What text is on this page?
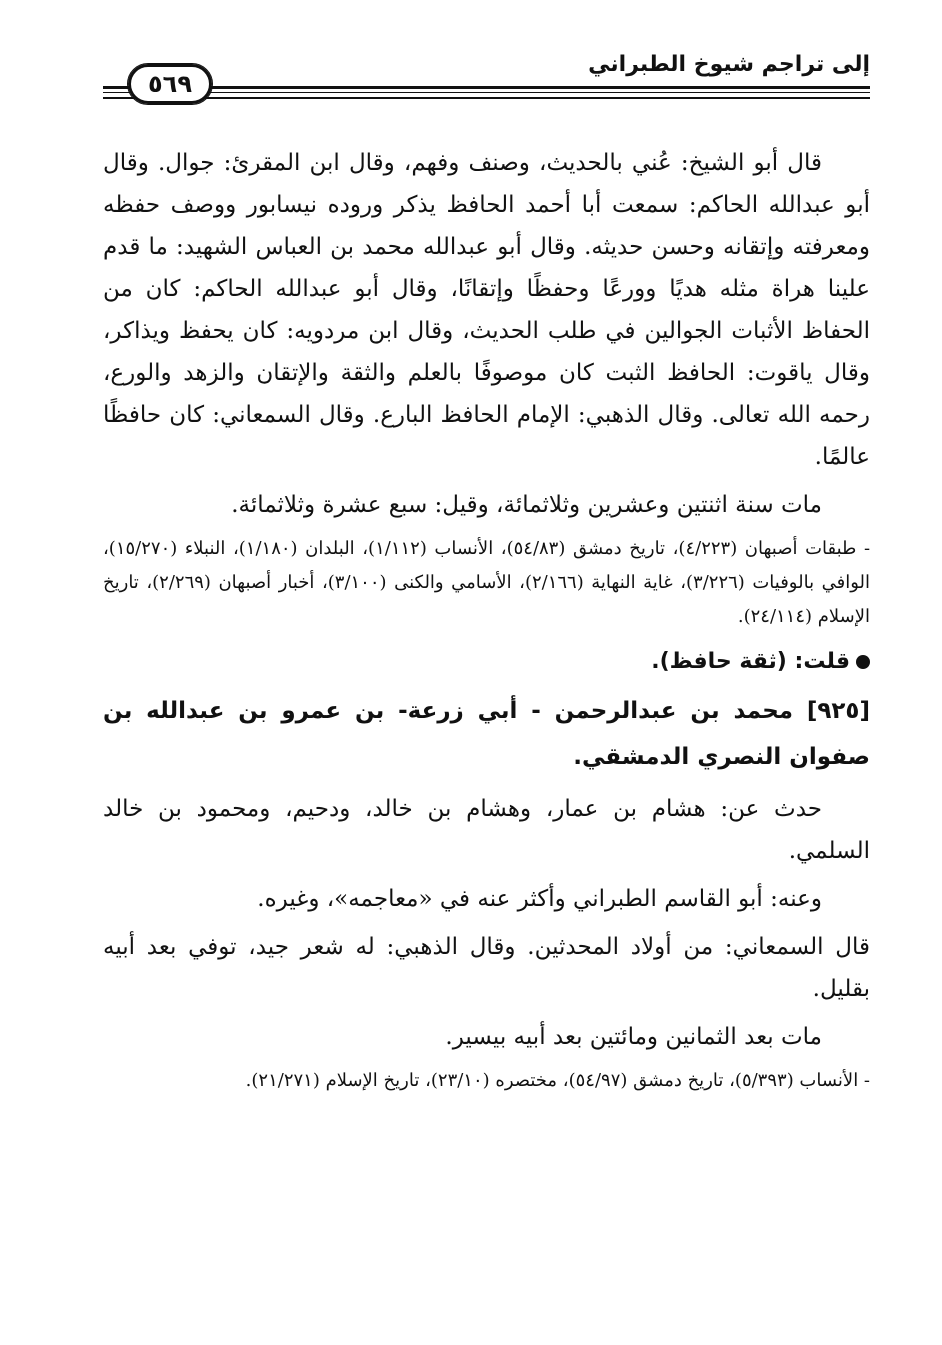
إلى تراجم شيوخ الطبراني
٥٦٩

قال أبو الشيخ: عُني بالحديث، وصنف وفهم، وقال ابن المقرئ: جوال. وقال أبو عبدالله الحاكم: سمعت أبا أحمد الحافظ يذكر وروده نيسابور ووصف حفظه ومعرفته وإتقانه وحسن حديثه. وقال أبو عبدالله محمد بن العباس الشهيد: ما قدم علينا هراة مثله هديًا وورعًا وحفظًا وإتقانًا، وقال أبو عبدالله الحاكم: كان من الحفاظ الأثبات الجوالين في طلب الحديث، وقال ابن مردويه: كان يحفظ ويذاكر، وقال ياقوت: الحافظ الثبت كان موصوفًا بالعلم والثقة والإتقان والزهد والورع، رحمه الله تعالى. وقال الذهبي: الإمام الحافظ البارع. وقال السمعاني: كان حافظًا عالمًا.

مات سنة اثنتين وعشرين وثلاثمائة، وقيل: سبع عشرة وثلاثمائة.

- طبقات أصبهان (٤/٢٢٣)، تاريخ دمشق (٥٤/٨٣)، الأنساب (١/١١٢)، البلدان (١/١٨٠)، النبلاء (١٥/٢٧٠)، الوافي بالوفيات (٣/٢٢٦)، غاية النهاية (٢/١٦٦)، الأسامي والكنى (٣/١٠٠)، أخبار أصبهان (٢/٢٦٩)، تاريخ الإسلام (٢٤/١١٤).

قلت: (ثقة حافظ).

[٩٢٥] محمد بن عبدالرحمن - أبي زرعة- بن عمرو بن عبدالله بن صفوان النصري الدمشقي.

حدث عن: هشام بن عمار، وهشام بن خالد، ودحيم، ومحمود بن خالد السلمي.

وعنه: أبو القاسم الطبراني وأكثر عنه في «معاجمه»، وغيره.

قال السمعاني: من أولاد المحدثين. وقال الذهبي: له شعر جيد، توفي بعد أبيه بقليل.

مات بعد الثمانين ومائتين بعد أبيه بيسير.

- الأنساب (٥/٣٩٣)، تاريخ دمشق (٥٤/٩٧)، مختصره (٢٣/١٠)، تاريخ الإسلام (٢١/٢٧١).
